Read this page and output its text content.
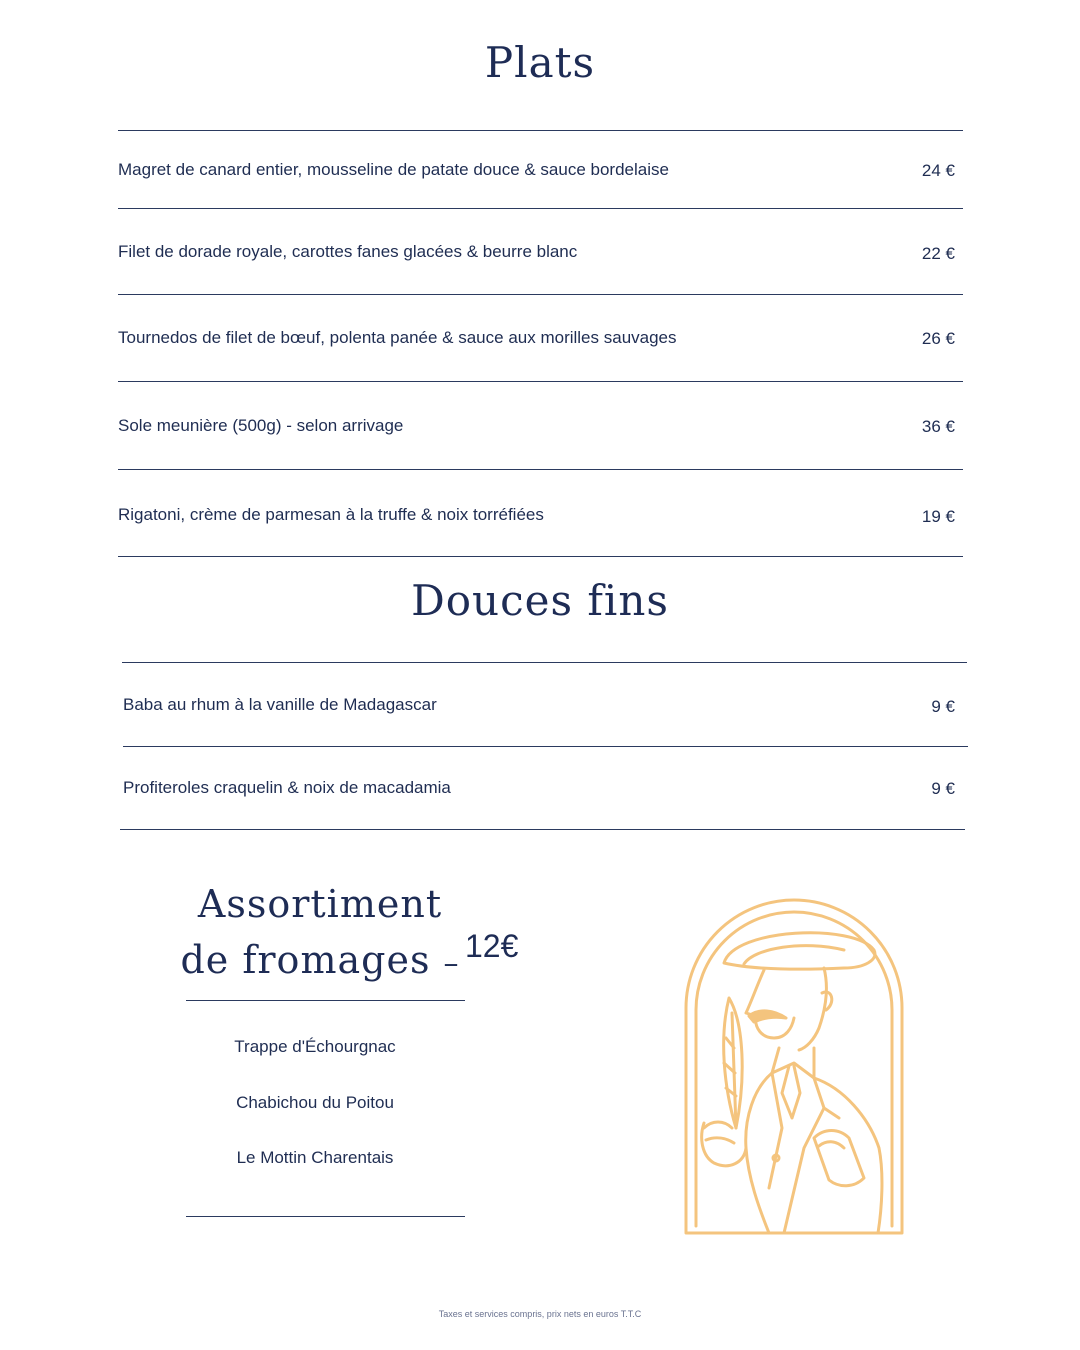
Plats
Magret de canard entier, mousseline de patate douce & sauce bordelaise	24 €
Filet de dorade royale, carottes fanes glacées & beurre blanc	22 €
Tournedos de filet de bœuf, polenta panée & sauce aux morilles sauvages	26 €
Sole meunière (500g) - selon arrivage	36 €
Rigatoni, crème de parmesan à la truffe & noix torréfiées	19 €
Douces fins
Baba au rhum à la vanille de Madagascar	9 €
Profiteroles craquelin & noix de macadamia	9 €
Assortiment
de fromages – 12€
Trappe d'Échourgnac
Chabichou du Poitou
Le Mottin Charentais
Taxes et services compris, prix nets en euros T.T.C
